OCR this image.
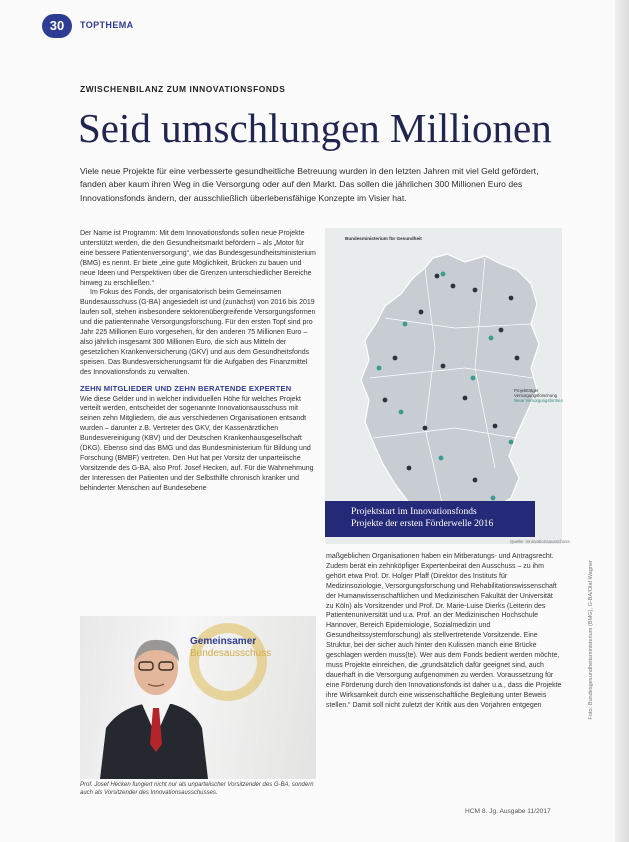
30	TOPTHEMA
ZWISCHENBILANZ ZUM INNOVATIONSFONDS
Seid umschlungen Millionen
Viele neue Projekte für eine verbesserte gesundheitliche Betreuung wurden in den letzten Jahren mit viel Geld gefördert, fanden aber kaum ihren Weg in die Versorgung oder auf den Markt. Das sollen die jährlichen 300 Millionen Euro des Innovationsfonds ändern, der ausschließlich überlebensfähige Konzepte im Visier hat.

Der Name ist Programm: Mit dem Innovationsfonds sollen neue Projekte unterstützt werden, die den Gesundheitsmarkt befördern – als „Motor für eine bessere Patientenversorgung“, wie das Bundesgesundheitsministerium (BMG) es nennt. Er biete „eine gute Möglichkeit, Brücken zu bauen und neue Ideen und Perspektiven über die Grenzen unterschiedlicher Bereiche hinweg zu erschließen.“

Im Fokus des Fonds, der organisatorisch beim Gemeinsamen Bundesausschuss (G-BA) angesiedelt ist und (zunächst) von 2016 bis 2019 laufen soll, stehen insbesondere sektorenübergreifende Versorgungsformen und die patientennahe Versorgungsforschung. Für den ersten Topf sind pro Jahr 225 Millionen Euro vorgesehen, für den anderen 75 Millionen Euro – also jährlich insgesamt 300 Millionen Euro, die sich aus Mitteln der gesetzlichen Krankenversicherung (GKV) und aus dem Gesundheitsfonds speisen. Das Bundesversicherungsamt für die Aufgaben des Finanzmittel des Innovationsfonds zu verwalten.

ZEHN MITGLIEDER UND ZEHN BERATENDE EXPERTEN

Wie diese Gelder und in welcher individuellen Höhe für welches Projekt verteilt werden, entscheidet der sogenannte Innovationsausschuss mit seinen zehn Mitgliedern, die aus verschiedenen Organisationen entsandt wurden – darunter z.B. Vertreter des GKV, der Kassenärztlichen Bundesvereinigung (KBV) und der Deutschen Krankenhausgesellschaft (DKG). Ebenso sind das BMG und das Bundesministerium für Bildung und Forschung (BMBF) vertreten. Den Hut hat per Vorsitz der unparteiische Vorsitzende des G-BA, also Prof. Josef Hecken, auf. Für die Wahrnehmung der Interessen der Patienten und der Selbsthilfe chronisch kranker und behinderter Menschen auf Bundesebene

Bundesministerium für Gesundheit
Projektträger
Versorgungsforschung
Neue Versorgungsformen
Projektstart im Innovationsfonds
Projekte der ersten Förderwelle 2016
Quelle: Innovationsausschuss

maßgeblichen Organisationen haben ein Mitberatungs- und Antragsrecht. Zudem berät ein zehnköpfiger Expertenbeirat den Ausschuss – zu ihm gehört etwa Prof. Dr. Holger Pfaff (Direktor des Instituts für Medizinsoziologie, Versorgungsforschung und Rehabilitationswissenschaft der Humanwissenschaftlichen und Medizinischen Fakultät der Universität zu Köln) als Vorsitzender und Prof. Dr. Marie-Luise Dierks (Leiterin des Patientenuniversität und u.a. Prof. an der Medizinischen Hochschule Hannover, Bereich Epidemiologie, Sozialmedizin und Gesundheitssystemforschung) als stellvertretende Vorsitzende. Eine Struktur, bei der sicher auch hinter den Kulissen manch eine Brücke geschlagen werden muss(te). Wer aus dem Fonds bedient werden möchte, muss Projekte einreichen, die „grundsätzlich dafür geeignet sind, auch dauerhaft in die Versorgung aufgenommen zu werden. Voraussetzung für eine Förderung durch den Innovationsfonds ist daher u.a., dass die Projekte ihre Wirksamkeit durch eine wissenschaftliche Begleitung unter Beweis stellen.“ Damit soll nicht zuletzt der Kritik aus den Vorjahren entgegen

Gemeinsamer
Bundesausschuss
Prof. Josef Hecken fungiert nicht nur als unparteiischer Vorsitzender des G-BA, sondern auch als Vorsitzender des Innovationsausschusses.
Foto: Bundesgesundheitsministerium (BMG), G-BA/Olaf Wagner
HCM 8. Jg. Ausgabe 11/2017
